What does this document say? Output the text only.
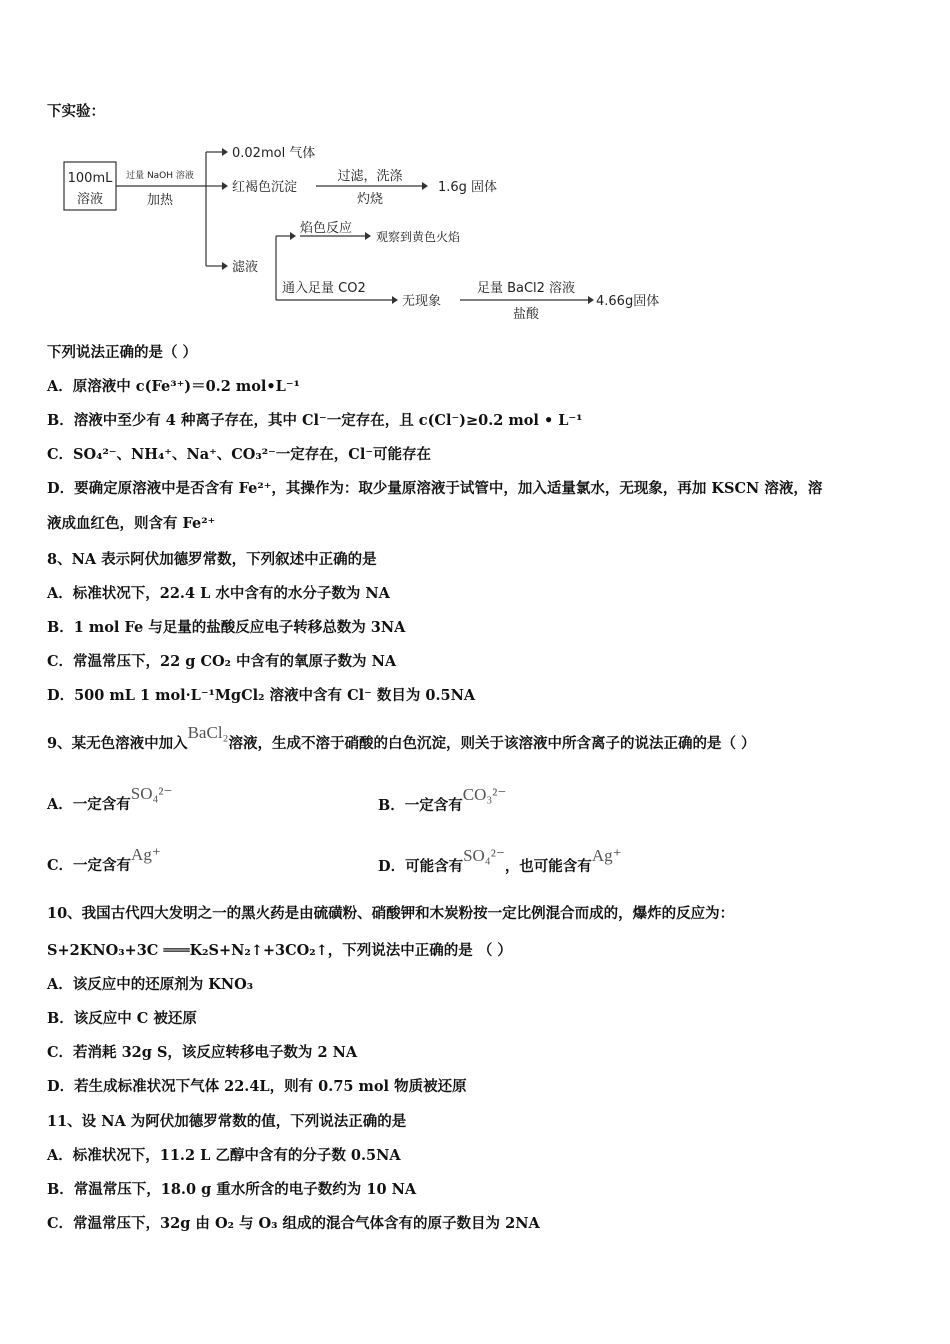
下实验：
100mL
溶液
过量 NaOH 溶液
加热
0.02mol 气体
红褐色沉淀
过滤，洗涤
灼烧
1.6g 固体
滤液
焰色反应
观察到黄色火焰
通入足量 CO2
无现象
足量 BaCl2 溶液
盐酸
4.66g固体
下列说法正确的是（ ）
A．原溶液中 c(Fe³⁺)＝0.2 mol•L⁻¹
B．溶液中至少有 4 种离子存在，其中 Cl⁻一定存在，且 c(Cl⁻)≥0.2 mol • L⁻¹
C．SO₄²⁻、NH₄⁺、Na⁺、CO₃²⁻一定存在，Cl⁻可能存在
D．要确定原溶液中是否含有 Fe²⁺，其操作为：取少量原溶液于试管中，加入适量氯水，无现象，再加 KSCN 溶液，溶
液成血红色，则含有 Fe²⁺
8、NA 表示阿伏加德罗常数，下列叙述中正确的是
A．标准状况下，22.4 L 水中含有的水分子数为 NA
B．1 mol Fe 与足量的盐酸反应电子转移总数为 3NA
C．常温常压下，22 g CO₂ 中含有的氧原子数为 NA
D．500 mL 1 mol·L⁻¹MgCl₂ 溶液中含有 Cl⁻ 数目为 0.5NA
9、某无色溶液中加入BaCl₂溶液，生成不溶于硝酸的白色沉淀，则关于该溶液中所含离子的说法正确的是（ ）
A．一定含有SO₄²⁻
B．一定含有CO₃²⁻
C．一定含有Ag⁺
D．可能含有SO₄²⁻，也可能含有Ag⁺
10、我国古代四大发明之一的黑火药是由硫磺粉、硝酸钾和木炭粉按一定比例混合而成的，爆炸的反应为：
S+2KNO₃+3C ═══K₂S+N₂↑+3CO₂↑，下列说法中正确的是 （ ）
A．该反应中的还原剂为 KNO₃
B．该反应中 C 被还原
C．若消耗 32g S，该反应转移电子数为 2 NA
D．若生成标准状况下气体 22.4L，则有 0.75 mol 物质被还原
11、设 NA 为阿伏加德罗常数的值，下列说法正确的是
A．标准状况下，11.2 L 乙醇中含有的分子数 0.5NA
B．常温常压下，18.0 g 重水所含的电子数约为 10 NA
C．常温常压下，32g 由 O₂ 与 O₃ 组成的混合气体含有的原子数目为 2NA
